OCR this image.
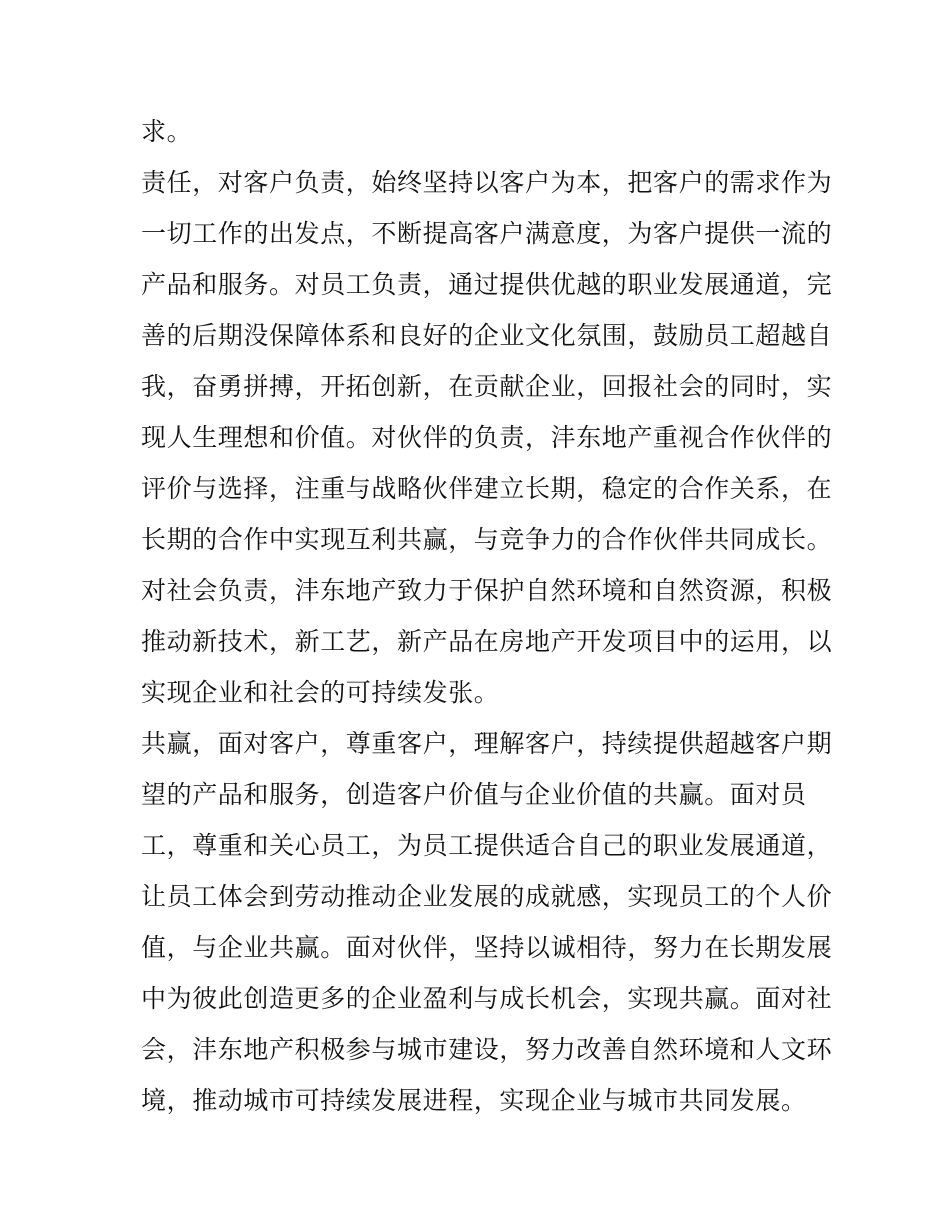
求。
责任，对客户负责，始终坚持以客户为本，把客户的需求作为
一切工作的出发点，不断提高客户满意度，为客户提供一流的
产品和服务。对员工负责，通过提供优越的职业发展通道，完
善的后期没保障体系和良好的企业文化氛围，鼓励员工超越自
我，奋勇拼搏，开拓创新，在贡献企业，回报社会的同时，实
现人生理想和价值。对伙伴的负责，沣东地产重视合作伙伴的
评价与选择，注重与战略伙伴建立长期，稳定的合作关系，在
长期的合作中实现互利共赢，与竞争力的合作伙伴共同成长。
对社会负责，沣东地产致力于保护自然环境和自然资源，积极
推动新技术，新工艺，新产品在房地产开发项目中的运用，以
实现企业和社会的可持续发张。
共赢，面对客户，尊重客户，理解客户，持续提供超越客户期
望的产品和服务，创造客户价值与企业价值的共赢。面对员
工，尊重和关心员工，为员工提供适合自己的职业发展通道，
让员工体会到劳动推动企业发展的成就感，实现员工的个人价
值，与企业共赢。面对伙伴，坚持以诚相待，努力在长期发展
中为彼此创造更多的企业盈利与成长机会，实现共赢。面对社
会，沣东地产积极参与城市建设，努力改善自然环境和人文环
境，推动城市可持续发展进程，实现企业与城市共同发展。
